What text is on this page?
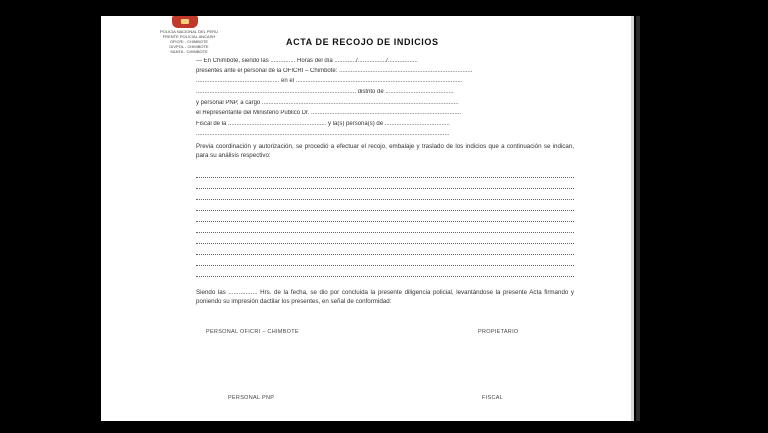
POLICIA NACIONAL DEL PERU
FRENTE POLICIAL ANCASH
OFICRI - CHIMBOTE
DIVPOL - CHIMBOTE
SANTA - CHIMBOTE
ACTA DE RECOJO DE INDICIOS
--- En Chimbote, siendo las ............... Horas del día ............./................./..................
presentes ante el personal de la OFICRI – Chimbote: ................................................................................
.................................................. en el ....................................................................................................
................................................................................................ distrito de .........................................
y personal PNP, a cargo ......................................................................................................................
el Representante del Ministerio Publico Dr. ..........................................................................................
Fiscal de la ........................................................... y la(s) persona(s) de .......................................
........................................................................................................................................................
Previa coordinación y autorización, se procedió a efectuar el recojo, embalaje y traslado de los indicios que a continuación se indican, para su análisis respectivo:
Siendo las ................. Hrs. de la fecha, se dio por concluida la presente diligencia policial, levantándose la presente Acta firmando y poniendo su impresión dactilar los presentes, en señal de conformidad:
PERSONAL OFICRI – CHIMBOTE	PROPIETARIO
PERSONAL PNP	FISCAL
